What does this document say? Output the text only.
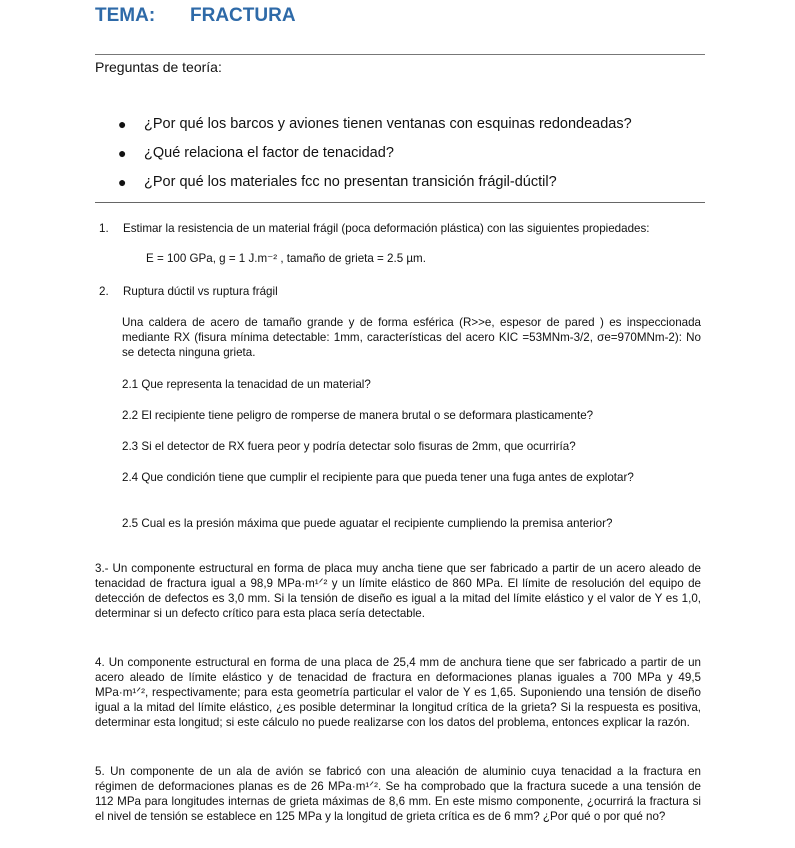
TEMA: FRACTURA
Preguntas de teoría:
● ¿Por qué los barcos y aviones tienen ventanas con esquinas redondeadas?
● ¿Qué relaciona el factor de tenacidad?
● ¿Por qué los materiales fcc no presentan transición frágil-dúctil?
1. Estimar la resistencia de un material frágil (poca deformación plástica) con las siguientes propiedades:

E = 100 GPa, g = 1 J.m⁻² , tamaño de grieta = 2.5 µm.
2. Ruptura dúctil vs ruptura frágil

Una caldera de acero de tamaño grande y de forma esférica (R>>e, espesor de pared ) es inspeccionada mediante RX (fisura mínima detectable: 1mm, características del acero KIC =53MNm-3/2, σe=970MNm-2): No se detecta ninguna grieta.

2.1 Que representa la tenacidad de un material?
2.2 El recipiente tiene peligro de romperse de manera brutal o se deformara plasticamente?
2.3 Si el detector de RX fuera peor y podría detectar solo fisuras de 2mm, que ocurriría?

2.4 Que condición tiene que cumplir el recipiente para que pueda tener una fuga antes de explotar?

2.5 Cual es la presión máxima que puede aguatar el recipiente cumpliendo la premisa anterior?

3.- Un componente estructural en forma de placa muy ancha tiene que ser fabricado a partir de un acero aleado de tenacidad de fractura igual a 98,9 MPa·m¹ᐟ² y un límite elástico de 860 MPa. El límite de resolución del equipo de detección de defectos es 3,0 mm. Si la tensión de diseño es igual a la mitad del límite elástico y el valor de Y es 1,0, determinar si un defecto crítico para esta placa sería detectable.

4. Un componente estructural en forma de una placa de 25,4 mm de anchura tiene que ser fabricado a partir de un acero aleado de límite elástico y de tenacidad de fractura en deformaciones planas iguales a 700 MPa y 49,5 MPa·m¹ᐟ², respectivamente; para esta geometría particular el valor de Y es 1,65. Suponiendo una tensión de diseño igual a la mitad del límite elástico, ¿es posible determinar la longitud crítica de la grieta? Si la respuesta es positiva, determinar esta longitud; si este cálculo no puede realizarse con los datos del problema, entonces explicar la razón.

5. Un componente de un ala de avión se fabricó con una aleación de aluminio cuya tenacidad a la fractura en régimen de deformaciones planas es de 26 MPa·m¹ᐟ². Se ha comprobado que la fractura sucede a una tensión de 112 MPa para longitudes internas de grieta máximas de 8,6 mm. En este mismo componente, ¿ocurrirá la fractura si el nivel de tensión se establece en 125 MPa y la longitud de grieta crítica es de 6 mm? ¿Por qué o por qué no?
